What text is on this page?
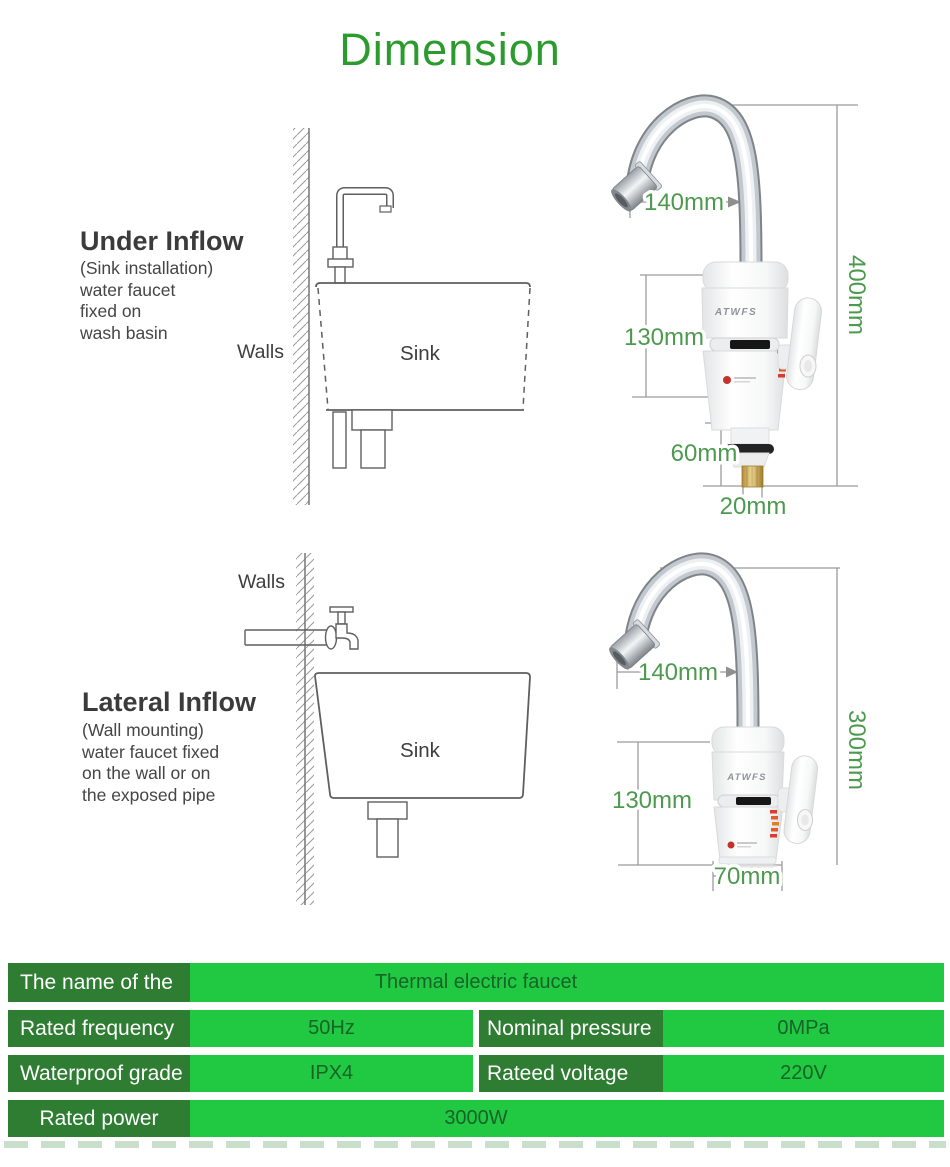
Dimension
Under Inflow
(Sink installation)
water faucet
fixed on
wash basin
Lateral Inflow
(Wall mounting)
water faucet fixed
on the wall or on
the exposed pipe
Walls	Sink
ATWFS
140mm
130mm
60mm
20mm
400mm
Walls
Sink
ATWFS
140mm
130mm
70mm
300mm
The name of the	Thermal electric faucet
Rated frequency	50Hz	Nominal pressure	0MPa
Waterproof grade	IPX4	Rateed voltage	220V
Rated power	3000W
